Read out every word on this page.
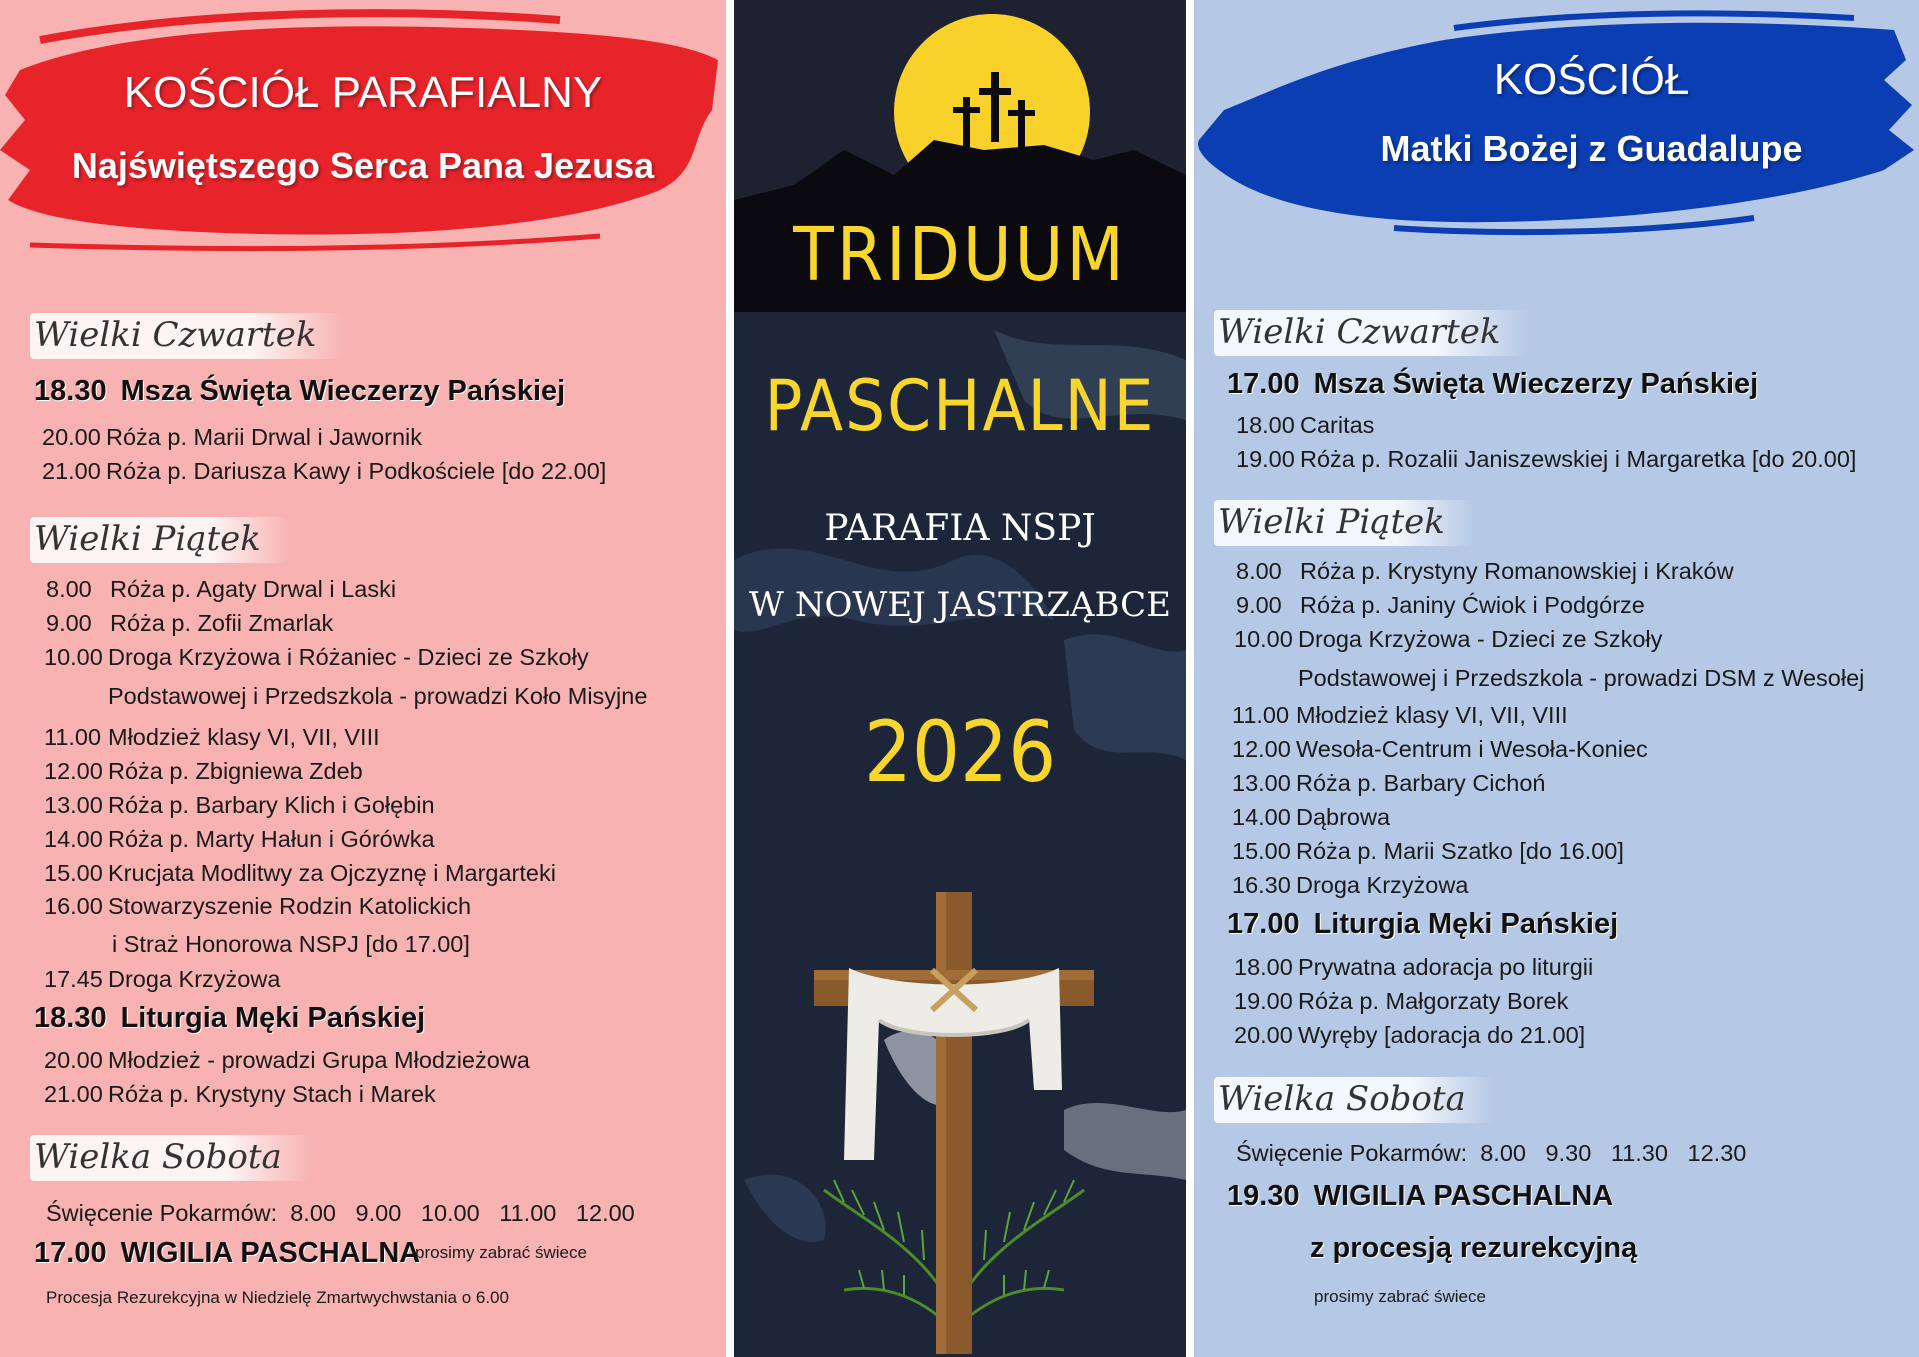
KOŚCIÓŁ PARAFIALNY
Najświętszego Serca Pana Jezusa
Wielki Czwartek
18.30 Msza Święta Wieczerzy Pańskiej
20.00 Róża p. Marii Drwal i Jawornik
21.00 Róża p. Dariusza Kawy i Podkościele [do 22.00]
Wielki Piątek
8.00 Róża p. Agaty Drwal i Laski
9.00 Róża p. Zofii Zmarlak
10.00 Droga Krzyżowa i Różaniec - Dzieci ze Szkoły
Podstawowej i Przedszkola - prowadzi Koło Misyjne
11.00 Młodzież klasy VI, VII, VIII
12.00 Róża p. Zbigniewa Zdeb
13.00 Róża p. Barbary Klich i Gołębin
14.00 Róża p. Marty Hałun i Górówka
15.00 Krucjata Modlitwy za Ojczyznę i Margarteki
16.00 Stowarzyszenie Rodzin Katolickich
i Straż Honorowa NSPJ [do 17.00]
17.45 Droga Krzyżowa
18.30 Liturgia Męki Pańskiej
20.00 Młodzież - prowadzi Grupa Młodzieżowa
21.00 Róża p. Krystyny Stach i Marek
Wielka Sobota
Święcenie Pokarmów:  8.00   9.00   10.00   11.00   12.00
17.00 WIGILIA PASCHALNA
prosimy zabrać świece
Procesja Rezurekcyjna w Niedzielę Zmartwychwstania o 6.00
TRIDUUM
PASCHALNE
PARAFIA NSPJ
W NOWEJ JASTRZĄBCE
2026
KOŚCIÓŁ
Matki Bożej z Guadalupe
Wielki Czwartek
17.00 Msza Święta Wieczerzy Pańskiej
18.00 Caritas
19.00 Róża p. Rozalii Janiszewskiej i Margaretka [do 20.00]
Wielki Piątek
8.00 Róża p. Krystyny Romanowskiej i Kraków
9.00 Róża p. Janiny Ćwiok i Podgórze
10.00 Droga Krzyżowa - Dzieci ze Szkoły
Podstawowej i Przedszkola - prowadzi DSM z Wesołej
11.00 Młodzież klasy VI, VII, VIII
12.00 Wesoła-Centrum i Wesoła-Koniec
13.00 Róża p. Barbary Cichoń
14.00 Dąbrowa
15.00 Róża p. Marii Szatko [do 16.00]
16.30 Droga Krzyżowa
17.00 Liturgia Męki Pańskiej
18.00 Prywatna adoracja po liturgii
19.00 Róża p. Małgorzaty Borek
20.00 Wyręby [adoracja do 21.00]
Wielka Sobota
Święcenie Pokarmów:  8.00   9.30   11.30   12.30
19.30 WIGILIA PASCHALNA
z procesją rezurekcyjną
prosimy zabrać świece
